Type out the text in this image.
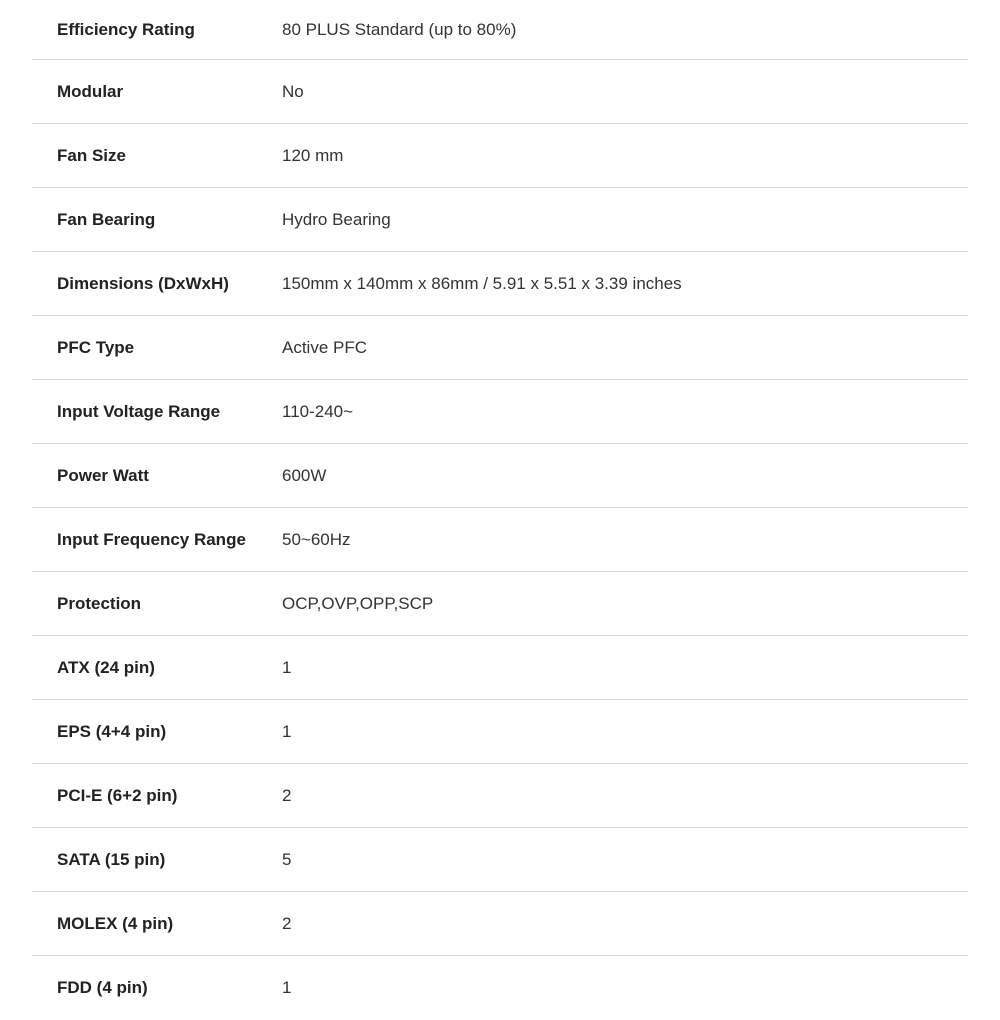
Efficiency Rating	80 PLUS Standard (up to 80%)
Modular	No
Fan Size	120 mm
Fan Bearing	Hydro Bearing
Dimensions (DxWxH)	150mm x 140mm x 86mm / 5.91 x 5.51 x 3.39 inches
PFC Type	Active PFC
Input Voltage Range	110-240~
Power Watt	600W
Input Frequency Range	50~60Hz
Protection	OCP,OVP,OPP,SCP
ATX (24 pin)	1
EPS (4+4 pin)	1
PCI-E (6+2 pin)	2
SATA (15 pin)	5
MOLEX (4 pin)	2
FDD (4 pin)	1
